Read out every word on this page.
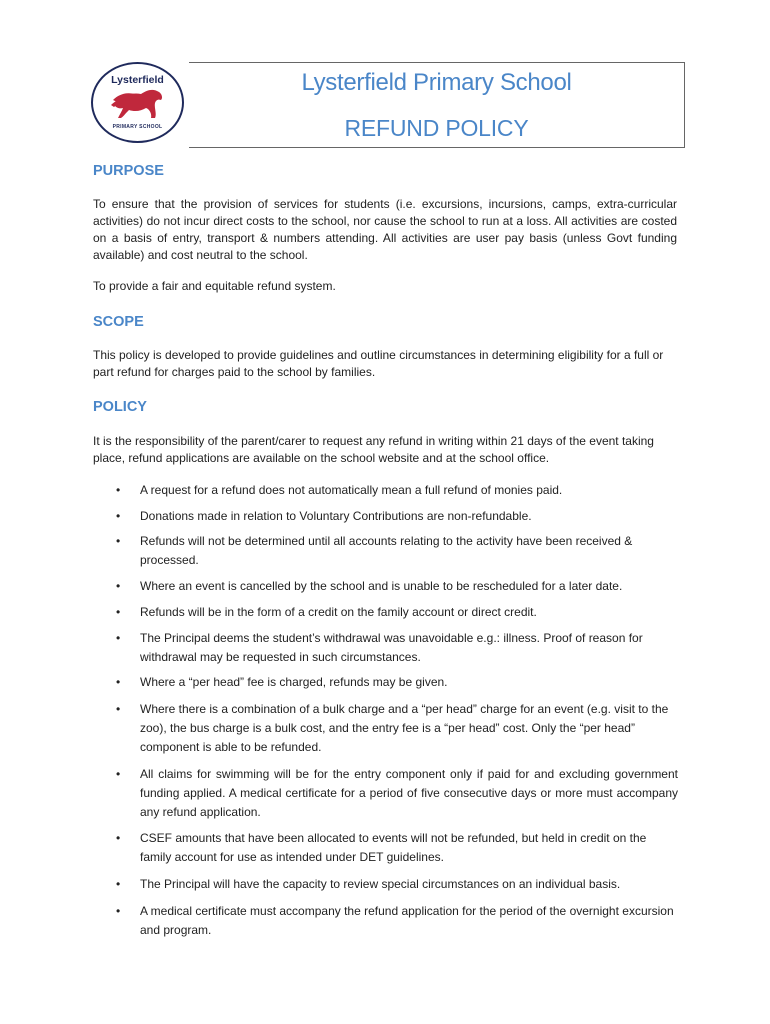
Lysterfield
PRIMARY SCHOOL
Lysterfield Primary School
REFUND POLICY
PURPOSE

To ensure that the provision of services for students (i.e. excursions, incursions, camps, extra-curricular activities) do not incur direct costs to the school, nor cause the school to run at a loss. All activities are costed on a basis of entry, transport & numbers attending. All activities are user pay basis (unless Govt funding available) and cost neutral to the school.

To provide a fair and equitable refund system.

SCOPE

This policy is developed to provide guidelines and outline circumstances in determining eligibility for a full or part refund for charges paid to the school by families.

POLICY

It is the responsibility of the parent/carer to request any refund in writing within 21 days of the event taking place, refund applications are available on the school website and at the school office.

• A request for a refund does not automatically mean a full refund of monies paid.
• Donations made in relation to Voluntary Contributions are non-refundable.
• Refunds will not be determined until all accounts relating to the activity have been received & processed.
• Where an event is cancelled by the school and is unable to be rescheduled for a later date.
• Refunds will be in the form of a credit on the family account or direct credit.
• The Principal deems the student’s withdrawal was unavoidable e.g.: illness. Proof of reason for withdrawal may be requested in such circumstances.
• Where a “per head” fee is charged, refunds may be given.
• Where there is a combination of a bulk charge and a “per head” charge for an event (e.g. visit to the zoo), the bus charge is a bulk cost, and the entry fee is a “per head” cost. Only the “per head” component is able to be refunded.
• All claims for swimming will be for the entry component only if paid for and excluding government funding applied. A medical certificate for a period of five consecutive days or more must accompany any refund application.
• CSEF amounts that have been allocated to events will not be refunded, but held in credit on the family account for use as intended under DET guidelines.
• The Principal will have the capacity to review special circumstances on an individual basis.
• A medical certificate must accompany the refund application for the period of the overnight excursion and program.
